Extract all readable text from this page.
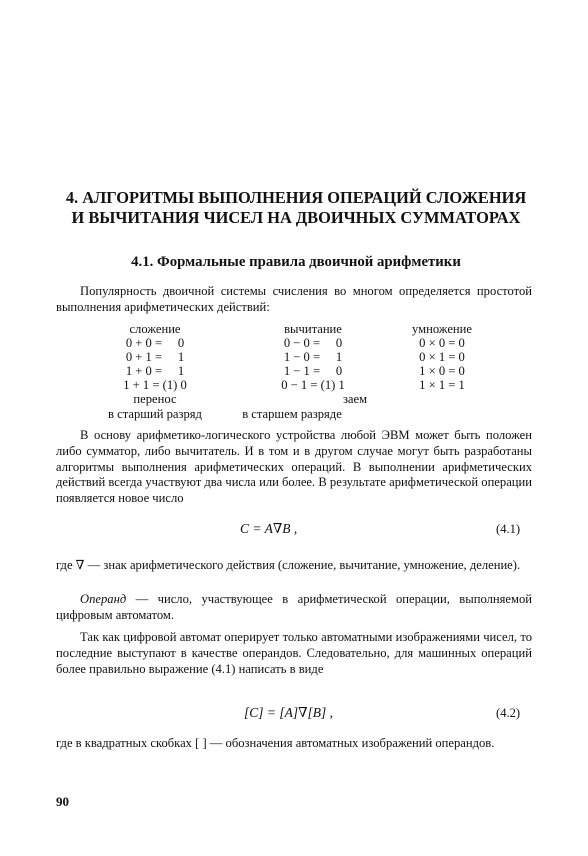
4. АЛГОРИТМЫ ВЫПОЛНЕНИЯ ОПЕРАЦИЙ СЛОЖЕНИЯ
И ВЫЧИТАНИЯ ЧИСЕЛ НА ДВОИЧНЫХ СУММАТОРАХ
4.1. Формальные правила двоичной арифметики
Популярность двоичной системы счисления во многом определяется простотой выполнения арифметических действий:
сложение
0 + 0 =     0
0 + 1 =     1
1 + 0 =     1
1 + 1 = (1) 0
перенос
в старший разряд
вычитание
0 − 0 =     0
1 − 0 =     1
1 − 1 =     0
0 − 1 = (1) 1
заем
в старшем разряде
умножение
0 × 0 = 0
0 × 1 = 0
1 × 0 = 0
1 × 1 = 1
В основу арифметико-логического устройства любой ЭВМ может быть положен либо сумматор, либо вычитатель. И в том и в другом случае могут быть разработаны алгоритмы выполнения арифметических операций. В выполнении арифметических действий всегда участвуют два числа или более. В результате арифметической операции появляется новое число
C = A∇B ,	(4.1)
где ∇ — знак арифметического действия (сложение, вычитание, умножение, деление).
Операнд — число, участвующее в арифметической операции, выполняемой цифровым автоматом.
Так как цифровой автомат оперирует только автоматными изображениями чисел, то последние выступают в качестве операндов. Следовательно, для машинных операций более правильно выражение (4.1) написать в виде
[C] = [A]∇[B] ,	(4.2)
где в квадратных скобках [ ] — обозначения автоматных изображений операндов.
90
